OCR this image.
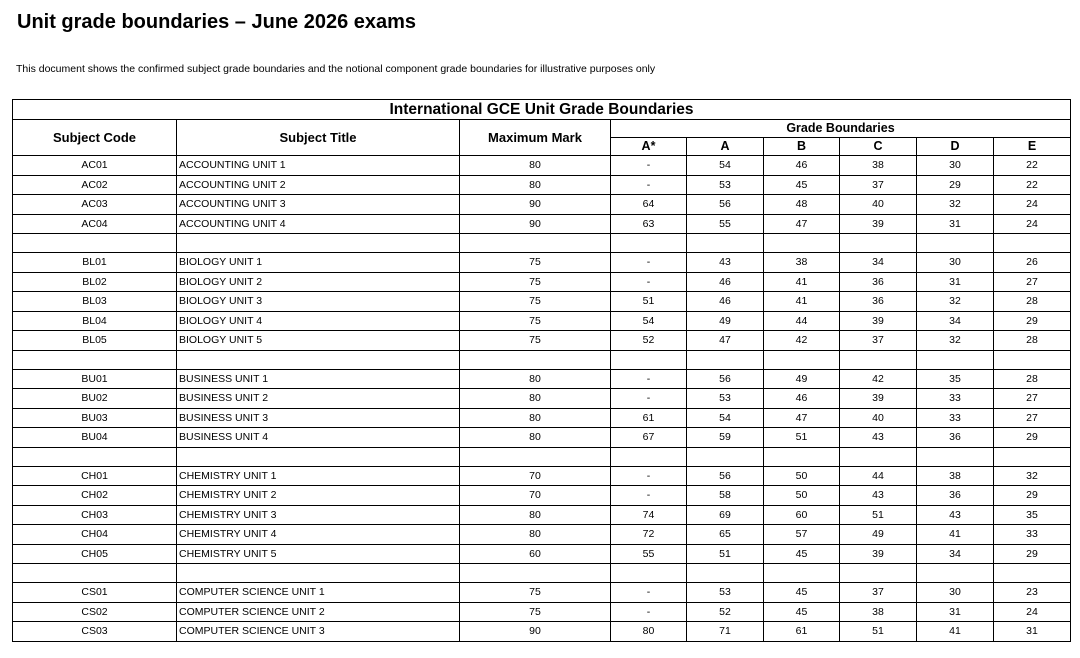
Unit grade boundaries – June 2026 exams

This document shows the confirmed subject grade boundaries and the notional component grade boundaries for illustrative purposes only

International GCE Unit Grade Boundaries								
Subject Code	Subject Title	Maximum Mark	Grade Boundaries					
			A*	A	B	C	D	E
AC01	ACCOUNTING UNIT 1	80	-	54	46	38	30	22
AC02	ACCOUNTING UNIT 2	80	-	53	45	37	29	22
AC03	ACCOUNTING UNIT 3	90	64	56	48	40	32	24
AC04	ACCOUNTING UNIT 4	90	63	55	47	39	31	24

BL01	BIOLOGY UNIT 1	75	-	43	38	34	30	26
BL02	BIOLOGY UNIT 2	75	-	46	41	36	31	27
BL03	BIOLOGY UNIT 3	75	51	46	41	36	32	28
BL04	BIOLOGY UNIT 4	75	54	49	44	39	34	29
BL05	BIOLOGY UNIT 5	75	52	47	42	37	32	28

BU01	BUSINESS UNIT 1	80	-	56	49	42	35	28
BU02	BUSINESS UNIT 2	80	-	53	46	39	33	27
BU03	BUSINESS UNIT 3	80	61	54	47	40	33	27
BU04	BUSINESS UNIT 4	80	67	59	51	43	36	29

CH01	CHEMISTRY UNIT 1	70	-	56	50	44	38	32
CH02	CHEMISTRY UNIT 2	70	-	58	50	43	36	29
CH03	CHEMISTRY UNIT 3	80	74	69	60	51	43	35
CH04	CHEMISTRY UNIT 4	80	72	65	57	49	41	33
CH05	CHEMISTRY UNIT 5	60	55	51	45	39	34	29

CS01	COMPUTER SCIENCE UNIT 1	75	-	53	45	37	30	23
CS02	COMPUTER SCIENCE UNIT 2	75	-	52	45	38	31	24
CS03	COMPUTER SCIENCE UNIT 3	90	80	71	61	51	41	31
